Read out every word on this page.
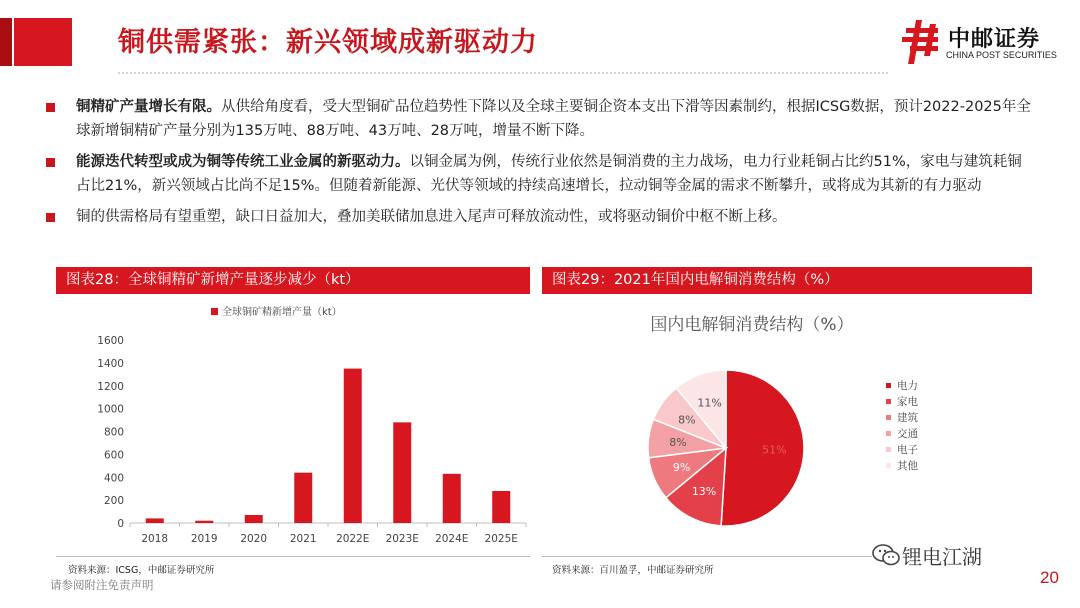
铜供需紧张：新兴领域成新驱动力	中邮证券
CHINA POST SECURITIES
铜精矿产量增长有限。从供给角度看，受大型铜矿品位趋势性下降以及全球主要铜企资本支出下滑等因素制约，根据ICSG数据，预计2022-2025年全球新增铜精矿产量分别为135万吨、88万吨、43万吨、28万吨，增量不断下降。
能源迭代转型或成为铜等传统工业金属的新驱动力。以铜金属为例，传统行业依然是铜消费的主力战场，电力行业耗铜占比约51%，家电与建筑耗铜占比21%，新兴领域占比尚不足15%。但随着新能源、光伏等领域的持续高速增长，拉动铜等金属的需求不断攀升，或将成为其新的有力驱动
铜的供需格局有望重塑，缺口日益加大，叠加美联储加息进入尾声可释放流动性，或将驱动铜价中枢不断上移。
图表28：全球铜精矿新增产量逐步减少（kt）
全球铜矿精新增产量（kt）
0
200
400
600
800
1000
1200
1400
1600
2018 2019 2020 2021 2022E 2023E 2024E 2025E
资料来源：ICSG，中邮证券研究所
图表29：2021年国内电解铜消费结构（%）
国内电解铜消费结构（%）
51%
13%
9%
8%
8%
11%
电力
家电
建筑
交通
电子
其他
资料来源：百川盈孚，中邮证券研究所
请参阅附注免责声明
锂电江湖
20
